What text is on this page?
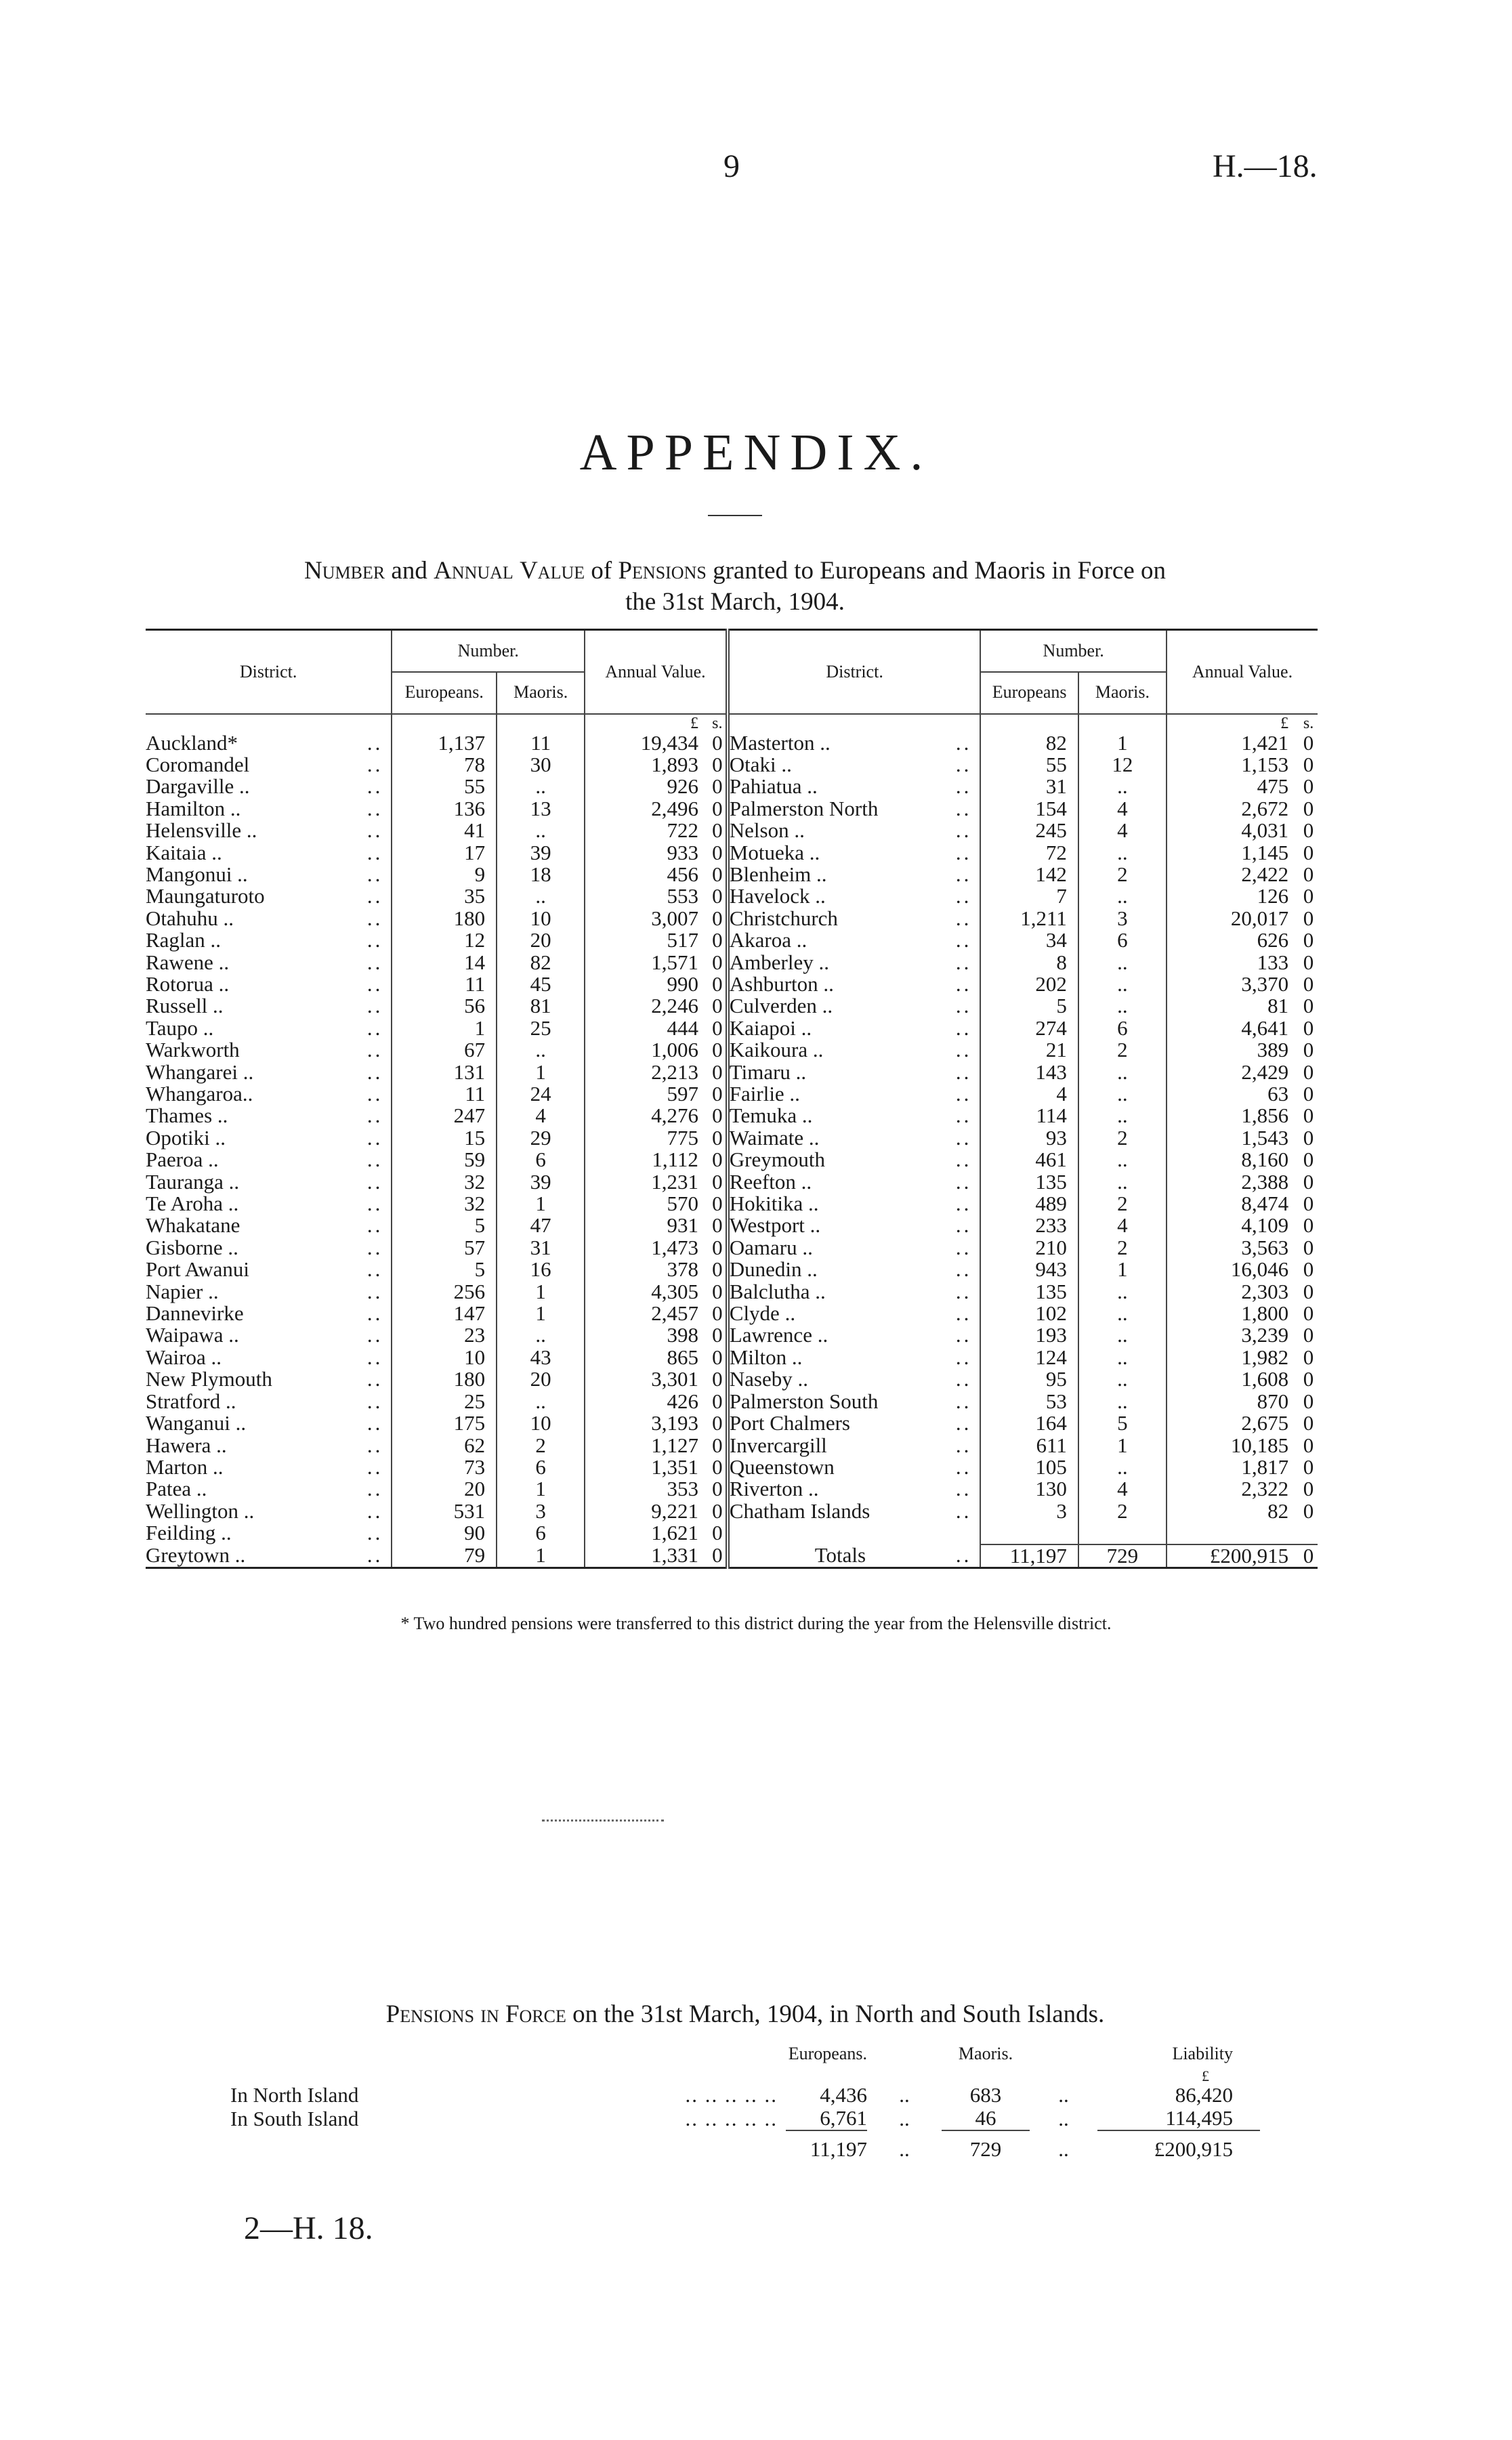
9	H.—18.
APPENDIX.
Number and Annual Value of Pensions granted to Europeans and Maoris in Force on
the 31st March, 1904.
District.		Number.		Annual Value.		District.		Number.		Annual Value.	
		Europeans.	Maoris.					Europeans	Maoris.		
				£	s.					£	s.
Auckland*	..	1,137	11	19,434	0	Masterton ..	..	82	1	1,421	0
Coromandel	..	78	30	1,893	0	Otaki ..	..	55	12	1,153	0
Dargaville ..	..	55	..	926	0	Pahiatua ..	..	31	..	475	0
Hamilton ..	..	136	13	2,496	0	Palmerston North	..	154	4	2,672	0
Helensville ..	..	41	..	722	0	Nelson ..	..	245	4	4,031	0
Kaitaia ..	..	17	39	933	0	Motueka ..	..	72	..	1,145	0
Mangonui ..	..	9	18	456	0	Blenheim ..	..	142	2	2,422	0
Maungaturoto	..	35	..	553	0	Havelock ..	..	7	..	126	0
Otahuhu ..	..	180	10	3,007	0	Christchurch	..	1,211	3	20,017	0
Raglan ..	..	12	20	517	0	Akaroa ..	..	34	6	626	0
Rawene ..	..	14	82	1,571	0	Amberley ..	..	8	..	133	0
Rotorua ..	..	11	45	990	0	Ashburton ..	..	202	..	3,370	0
Russell ..	..	56	81	2,246	0	Culverden ..	..	5	..	81	0
Taupo ..	..	1	25	444	0	Kaiapoi ..	..	274	6	4,641	0
Warkworth	..	67	..	1,006	0	Kaikoura ..	..	21	2	389	0
Whangarei ..	..	131	1	2,213	0	Timaru ..	..	143	..	2,429	0
Whangaroa..	..	11	24	597	0	Fairlie ..	..	4	..	63	0
Thames ..	..	247	4	4,276	0	Temuka ..	..	114	..	1,856	0
Opotiki ..	..	15	29	775	0	Waimate ..	..	93	2	1,543	0
Paeroa ..	..	59	6	1,112	0	Greymouth	..	461	..	8,160	0
Tauranga ..	..	32	39	1,231	0	Reefton ..	..	135	..	2,388	0
Te Aroha ..	..	32	1	570	0	Hokitika ..	..	489	2	8,474	0
Whakatane	..	5	47	931	0	Westport ..	..	233	4	4,109	0
Gisborne ..	..	57	31	1,473	0	Oamaru ..	..	210	2	3,563	0
Port Awanui	..	5	16	378	0	Dunedin ..	..	943	1	16,046	0
Napier ..	..	256	1	4,305	0	Balclutha ..	..	135	..	2,303	0
Dannevirke	..	147	1	2,457	0	Clyde ..	..	102	..	1,800	0
Waipawa ..	..	23	..	398	0	Lawrence ..	..	193	..	3,239	0
Wairoa ..	..	10	43	865	0	Milton ..	..	124	..	1,982	0
New Plymouth	..	180	20	3,301	0	Naseby ..	..	95	..	1,608	0
Stratford ..	..	25	..	426	0	Palmerston South	..	53	..	870	0
Wanganui ..	..	175	10	3,193	0	Port Chalmers	..	164	5	2,675	0
Hawera ..	..	62	2	1,127	0	Invercargill	..	611	1	10,185	0
Marton ..	..	73	6	1,351	0	Queenstown	..	105	..	1,817	0
Patea ..	..	20	1	353	0	Riverton ..	..	130	4	2,322	0
Wellington ..	..	531	3	9,221	0	Chatham Islands	..	3	2	82	0
Feilding ..	..	90	6	1,621	0						
Greytown ..	..	79	1	1,331	0	Totals	..	11,197	729	£200,915	0
* Two hundred pensions were transferred to this district during the year from the Helensville district.
Pensions in Force on the 31st March, 1904, in North and South Islands.
		Europeans.		Maoris.		Liability

						£
In North Island	.. .. .. .. ..	4,436	..	683	..	86,420
In South Island	.. .. .. .. ..	6,761	..	46	..	114,495
		11,197	..	729	..	£200,915
2—H. 18.
